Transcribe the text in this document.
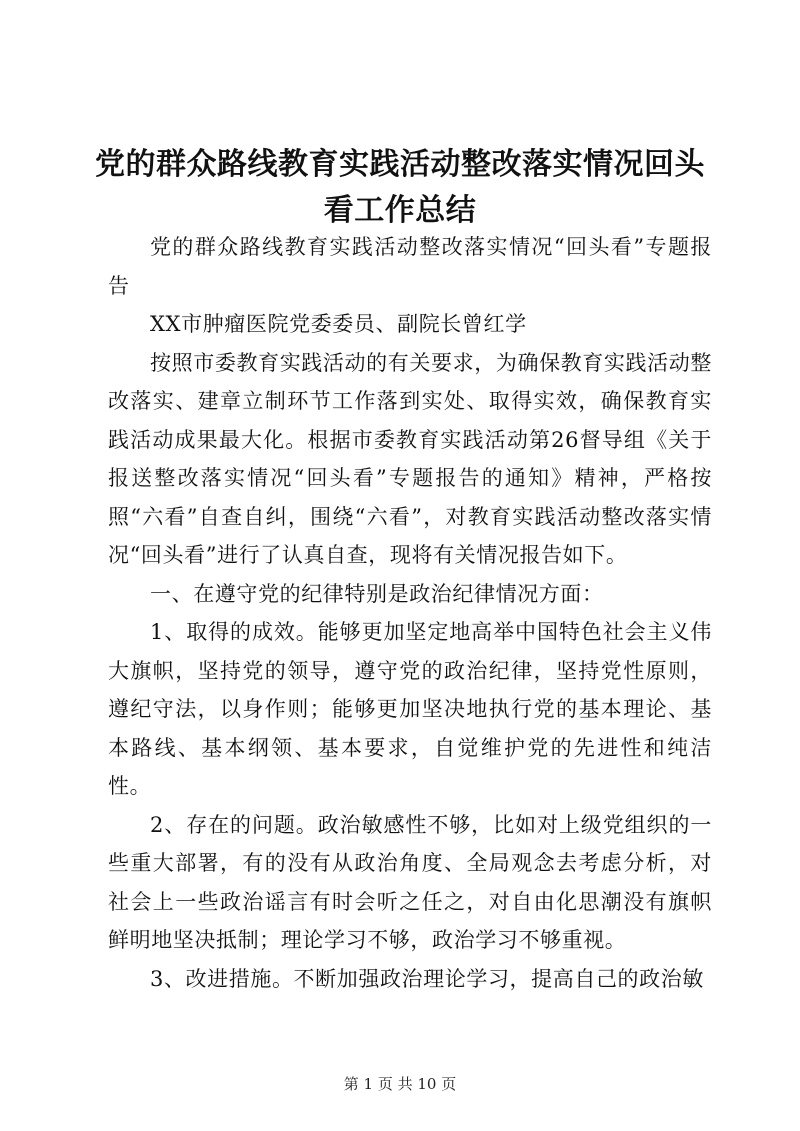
党的群众路线教育实践活动整改落实情况回头看工作总结

党的群众路线教育实践活动整改落实情况“回头看”专题报告

XX市肿瘤医院党委委员、副院长曾红学

按照市委教育实践活动的有关要求，为确保教育实践活动整改落实、建章立制环节工作落到实处、取得实效，确保教育实践活动成果最大化。根据市委教育实践活动第26督导组《关于报送整改落实情况“回头看”专题报告的通知》精神，严格按照“六看”自查自纠，围绕“六看”，对教育实践活动整改落实情况“回头看”进行了认真自查，现将有关情况报告如下。

一、在遵守党的纪律特别是政治纪律情况方面：

1、取得的成效。能够更加坚定地高举中国特色社会主义伟大旗帜，坚持党的领导，遵守党的政治纪律，坚持党性原则，遵纪守法，以身作则；能够更加坚决地执行党的基本理论、基本路线、基本纲领、基本要求，自觉维护党的先进性和纯洁性。

2、存在的问题。政治敏感性不够，比如对上级党组织的一些重大部署，有的没有从政治角度、全局观念去考虑分析，对社会上一些政治谣言有时会听之任之，对自由化思潮没有旗帜鲜明地坚决抵制；理论学习不够，政治学习不够重视。

3、改进措施。不断加强政治理论学习，提高自己的政治敏

第 1 页 共 10 页
